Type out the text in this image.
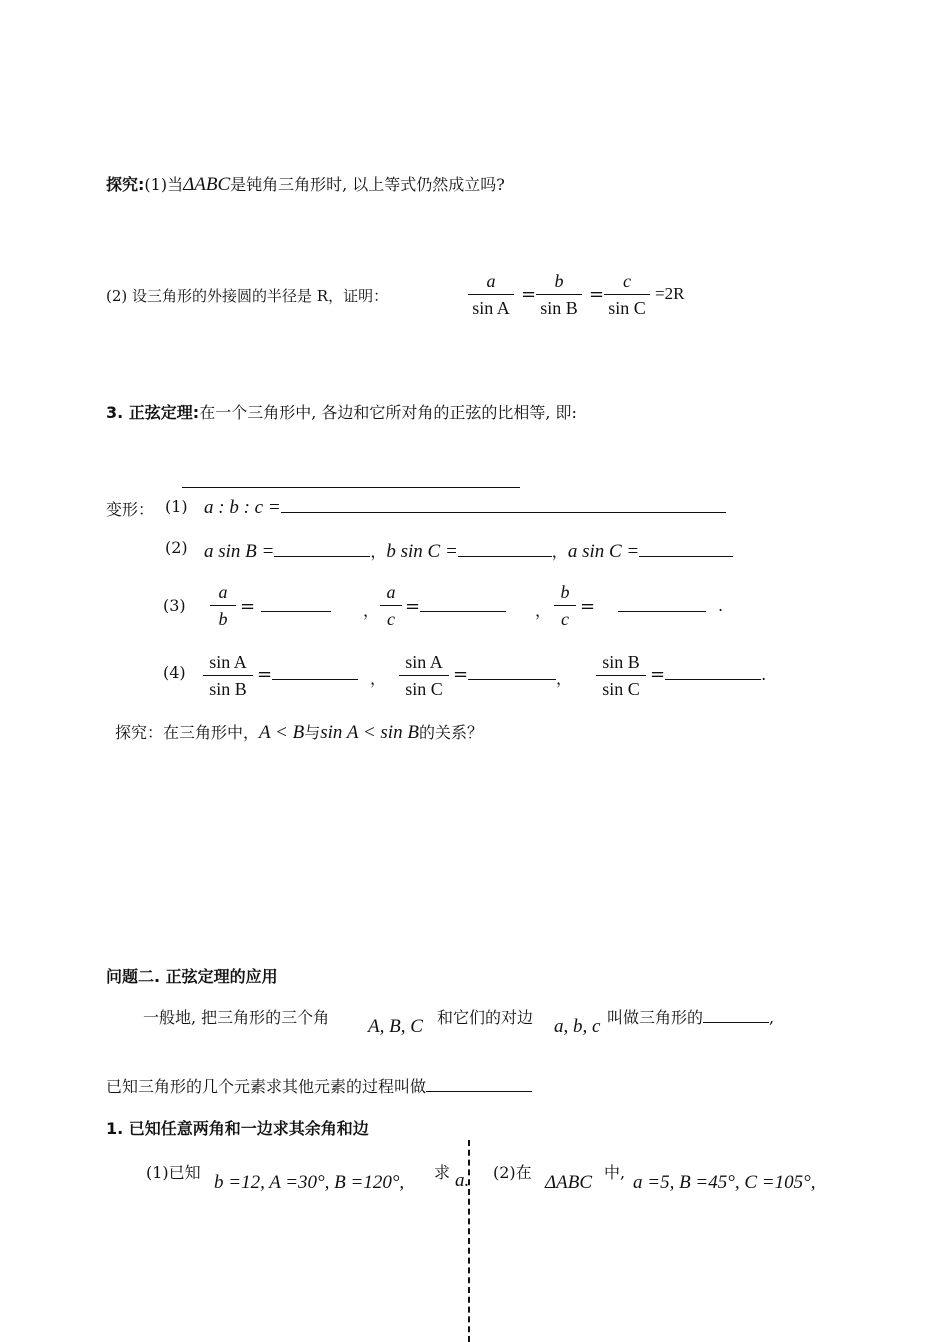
探究:(1)当ΔABC是钝角三角形时, 以上等式仍然成立吗?
(2) 设三角形的外接圆的半径是 R，证明：
a
sin A
=
b
sin B
=
c
sin C
=2R
3. 正弦定理:在一个三角形中, 各边和它所对角的正弦的比相等, 即:
变形： (1) a : b : c =
(2) a sin B =	，b sin C =	，a sin C =
(3)
a
b
=	，
a
c
=	，
b
c
=	.
(4)
sin A
sin B
=	，
sin A
sin C
=	，
sin B
sin C
=	.
探究：在三角形中，A < B与sin A < sin B的关系？
问题二. 正弦定理的应用
一般地, 把三角形的三个角 A, B, C 和它们的对边 a, b, c 叫做三角形的	,
已知三角形的几个元素求其他元素的过程叫做
1. 已知任意两角和一边求其余角和边
(1)已知 b =12, A =30°, B =120°, 求 a. (2)在 ΔABC 中, a =5, B =45°, C =105°,
